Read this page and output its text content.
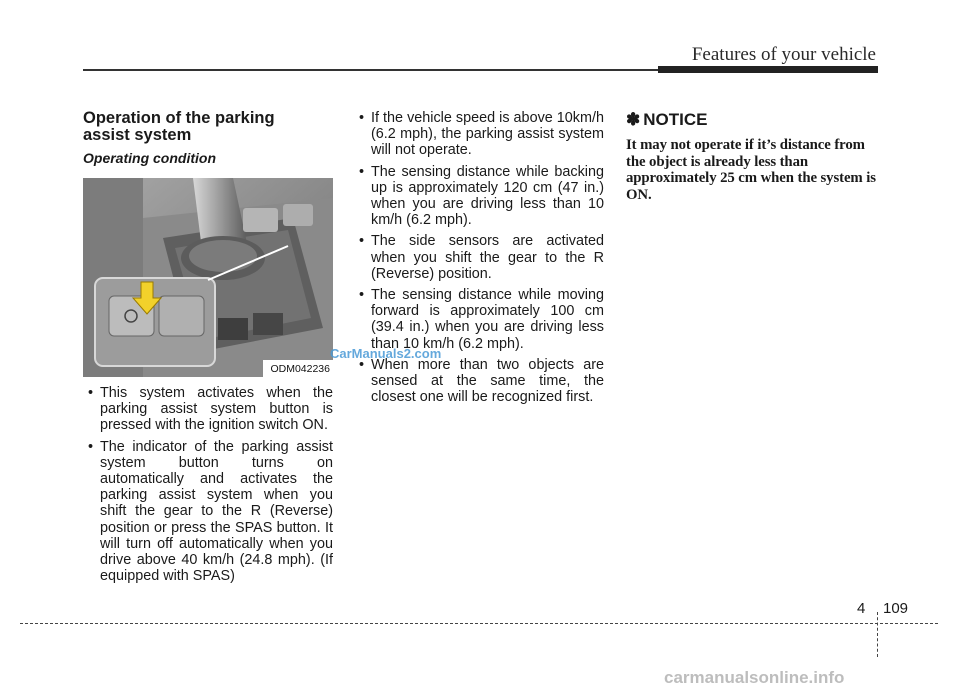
Features of your vehicle
Operation of the parking assist system
Operating condition
ODM042236
• This system activates when the parking assist system button is pressed with the ignition switch ON.
• The indicator of the parking assist system button turns on automatically and activates the parking assist system when you shift the gear to the R (Reverse) position or press the SPAS button. It will turn off automatically when you drive above 40 km/h (24.8 mph). (If equipped with SPAS)
• If the vehicle speed is above 10km/h (6.2 mph), the parking assist system will not operate.
• The sensing distance while backing up is approximately 120 cm (47 in.) when you are driving less than 10 km/h (6.2 mph).
• The side sensors are activated when you shift the gear to the R (Reverse) position.
• The sensing distance while moving forward is approximately 100 cm (39.4 in.) when you are driving less than 10 km/h (6.2 mph).
• When more than two objects are sensed at the same time, the closest one will be recognized first.
✽ NOTICE
It may not operate if it’s distance from the object is already less than approximately 25 cm when the system is ON.
CarManuals2.com
4 109
carmanualsonline.info
